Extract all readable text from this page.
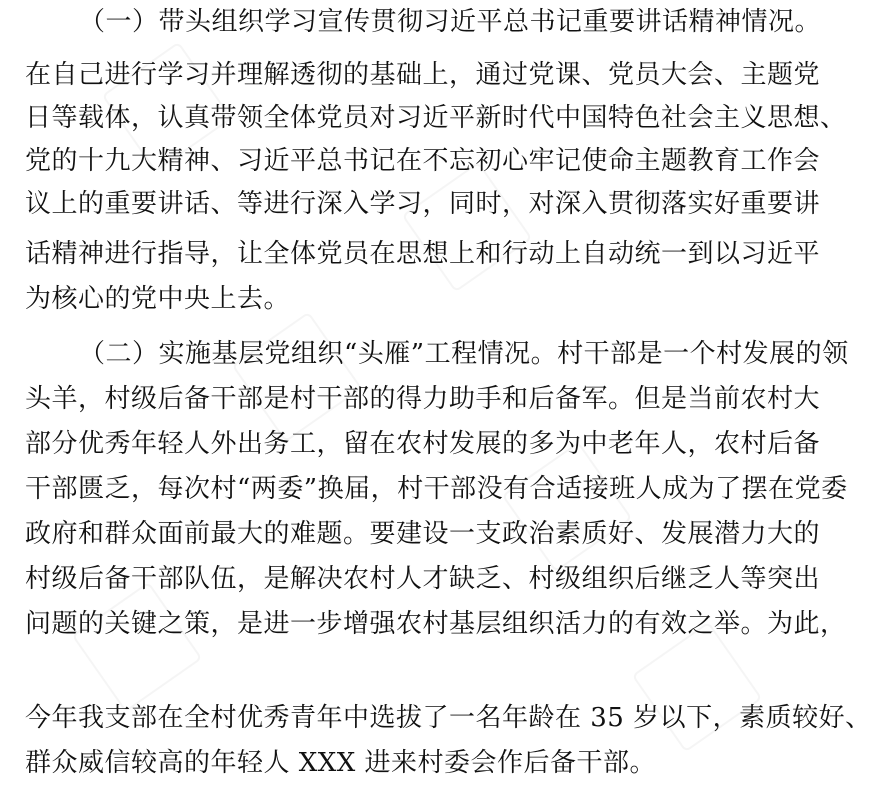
（一）带头组织学习宣传贯彻习近平总书记重要讲话精神情况。
在自己进行学习并理解透彻的基础上，通过党课、党员大会、主题党
日等载体，认真带领全体党员对习近平新时代中国特色社会主义思想、
党的十九大精神、习近平总书记在不忘初心牢记使命主题教育工作会
议上的重要讲话、等进行深入学习，同时，对深入贯彻落实好重要讲
话精神进行指导，让全体党员在思想上和行动上自动统一到以习近平
为核心的党中央上去。
（二）实施基层党组织“头雁”工程情况。村干部是一个村发展的领
头羊，村级后备干部是村干部的得力助手和后备军。但是当前农村大
部分优秀年轻人外出务工，留在农村发展的多为中老年人，农村后备
干部匮乏，每次村“两委”换届，村干部没有合适接班人成为了摆在党委
政府和群众面前最大的难题。要建设一支政治素质好、发展潜力大的
村级后备干部队伍，是解决农村人才缺乏、村级组织后继乏人等突出
问题的关键之策，是进一步增强农村基层组织活力的有效之举。为此，
今年我支部在全村优秀青年中选拔了一名年龄在 35 岁以下，素质较好、
群众威信较高的年轻人 XXX 进来村委会作后备干部。
